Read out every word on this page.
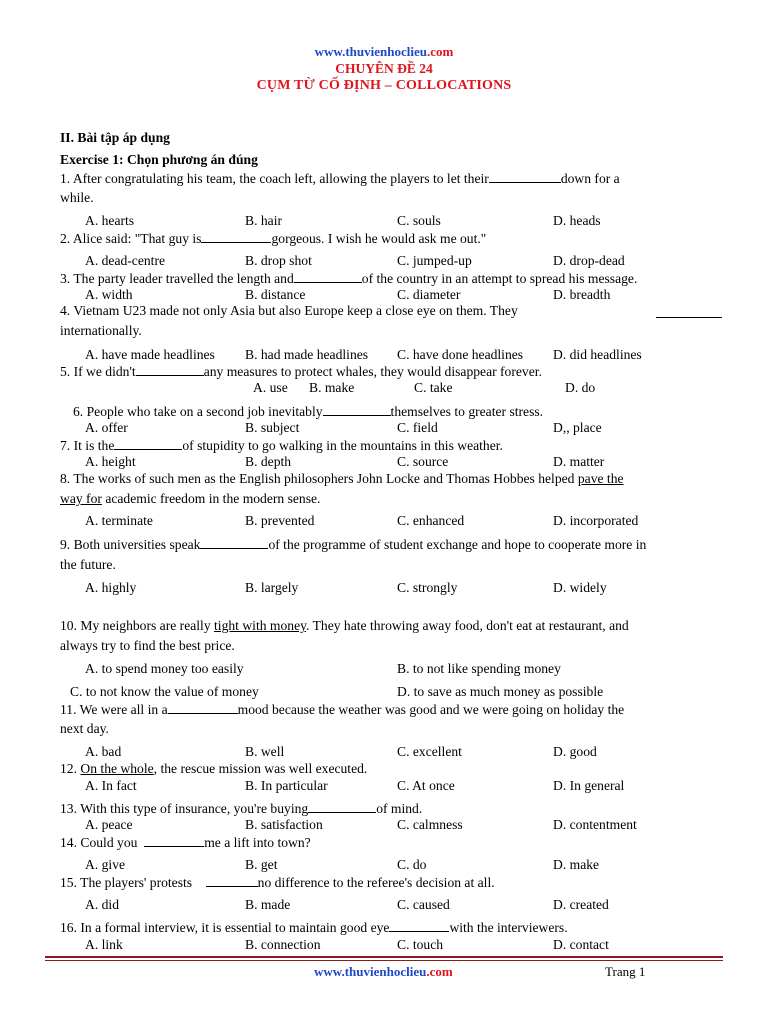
www.thuvienhoclieu.com
CHUYÊN ĐỀ 24
CỤM TỪ CỐ ĐỊNH – COLLOCATIONS
II. Bài tập áp dụng
Exercise 1: Chọn phương án đúng
1. After congratulating his team, the coach left, allowing the players to let their	down for a
while.
A. hearts	B. hair	C. souls	D. heads
2. Alice said: "That guy is	gorgeous. I wish he would ask me out."
A. dead-centre	B. drop shot	C. jumped-up	D. drop-dead
3. The party leader travelled the length and	of the country in an attempt to spread his message.
A. width	B. distance	C. diameter	D. breadth
4. Vietnam U23 made not only Asia but also Europe keep a close eye on them. They
internationally.
A. have made headlines B. had made headlines C. have done headlines D. did headlines
5. If we didn't	any measures to protect whales, they would disappear forever.
A. use B. make	C. take	D. do
6. People who take on a second job inevitably	themselves to greater stress.
A. offer	B. subject	C. field	D,, place
7. It is the	of stupidity to go walking in the mountains in this weather.
A. height	B. depth	C. source	D. matter
8. The works of such men as the English philosophers John Locke and Thomas Hobbes helped pave the
way for academic freedom in the modern sense.
A. terminate	B. prevented	C. enhanced	D. incorporated
9. Both universities speak	of the programme of student exchange and hope to cooperate more in
the future.
A. highly	B. largely	C. strongly	D. widely
10. My neighbors are really tight with money. They hate throwing away food, don't eat at restaurant, and
always try to find the best price.
A. to spend money too easily	B. to not like spending money
C. to not know the value of money	D. to save as much money as possible
11. We were all in a	mood because the weather was good and we were going on holiday the
next day.
A. bad	B. well	C. excellent	D. good
12. On the whole, the rescue mission was well executed.
A. In fact	B. In particular	C. At once	D. In general
13. With this type of insurance, you're buying	of mind.
A. peace	B. satisfaction	C. calmness	D. contentment
14. Could you	me a lift into town?
A. give	B. get	C. do	D. make
15. The players' protests	no difference to the referee's decision at all.
A. did	B. made	C. caused	D. created
16. In a formal interview, it is essential to maintain good eye	with the interviewers.
A. link	B. connection	C. touch	D. contact
www.thuvienhoclieu.com	Trang 1
